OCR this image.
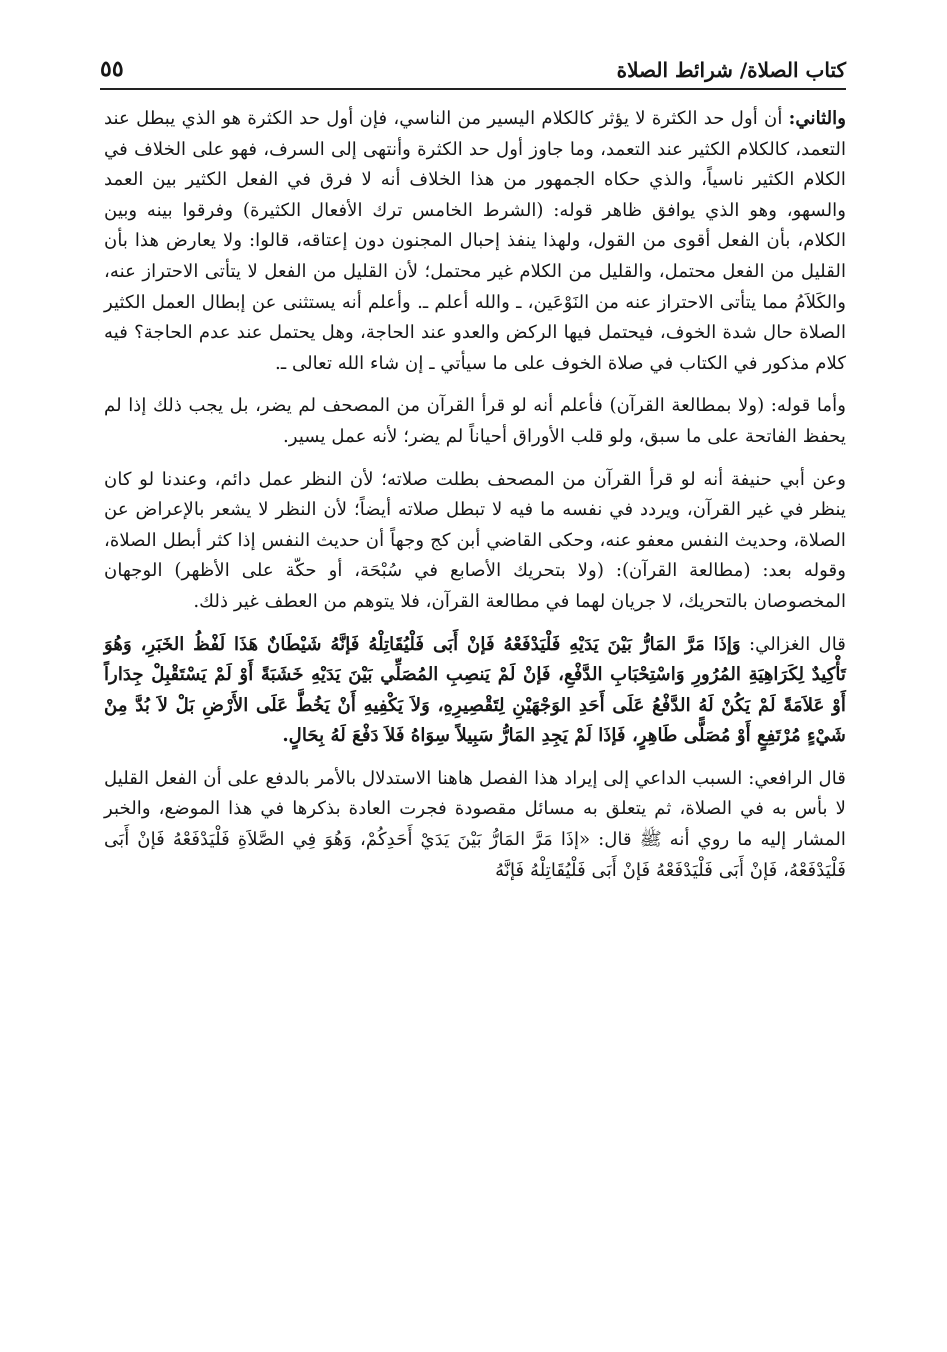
كتاب الصلاة/ شرائط الصلاة
٥٥

والثاني: أن أول حد الكثرة لا يؤثر كالكلام اليسير من الناسي، فإن أول حد الكثرة هو الذي يبطل عند التعمد، كالكلام الكثير عند التعمد، وما جاوز أول حد الكثرة وأنتهى إلى السرف، فهو على الخلاف في الكلام الكثير ناسياً، والذي حكاه الجمهور من هذا الخلاف أنه لا فرق في الفعل الكثير بين العمد والسهو، وهو الذي يوافق ظاهر قوله: (الشرط الخامس ترك الأفعال الكثيرة) وفرقوا بينه وبين الكلام، بأن الفعل أقوى من القول، ولهذا ينفذ إحبال المجنون دون إعتاقه، قالوا: ولا يعارض هذا بأن القليل من الفعل محتمل، والقليل من الكلام غير محتمل؛ لأن القليل من الفعل لا يتأتى الاحتراز عنه، والكَلاَمُ مما يتأتى الاحتراز عنه من النَوْعَين، ـ والله أعلم ـ. وأعلم أنه يستثنى عن إبطال العمل الكثير الصلاة حال شدة الخوف، فيحتمل فيها الركض والعدو عند الحاجة، وهل يحتمل عند عدم الحاجة؟ فيه كلام مذكور في الكتاب في صلاة الخوف على ما سيأتي ـ إن شاء الله تعالى ـ.

وأما قوله: (ولا بمطالعة القرآن) فأعلم أنه لو قرأ القرآن من المصحف لم يضر، بل يجب ذلك إذا لم يحفظ الفاتحة على ما سبق، ولو قلب الأوراق أحياناً لم يضر؛ لأنه عمل يسير.

وعن أبي حنيفة أنه لو قرأ القرآن من المصحف بطلت صلاته؛ لأن النظر عمل دائم، وعندنا لو كان ينظر في غير القرآن، ويردد في نفسه ما فيه لا تبطل صلاته أيضاً؛ لأن النظر لا يشعر بالإعراض عن الصلاة، وحديث النفس معفو عنه، وحكى القاضي أبن كج وجهاً أن حديث النفس إذا كثر أبطل الصلاة، وقوله بعد: (مطالعة القرآن): (ولا بتحريك الأصابع في سُبْحَة، أو حكّة على الأظهر) الوجهان المخصوصان بالتحريك، لا جريان لهما في مطالعة القرآن، فلا يتوهم من العطف غير ذلك.

قال الغزالي: وَإذَا مَرَّ المَارُّ بَيْنَ يَدَيْهِ فَلْيَدْفَعْهُ فَإنْ أَبَى فَلْيُقَاتِلْهُ فَإنَّهُ شَيْطَانٌ هَذَا لَفْظُ الخَبَرِ، وَهُوَ تَأْكِيدٌ لِكَرَاهِيَةِ المُرُورِ وَاسْتِحْبَابِ الدَّفْعِ، فَإنْ لَمْ يَنصِبِ المُصَلِّي بَيْنَ يَدَيْهِ خَشَبَةً أَوْ لَمْ يَسْتَقْبِلْ جِدَاراً أَوْ عَلاَمَةً لَمْ يَكُنْ لَهُ الدَّفْعُ عَلَى أَحَدِ الوَجْهَيْنِ لِتَقْصِيرِهِ، وَلاَ يَكْفِيهِ أَنْ يَخُطَّ عَلَى الأَرْضِ بَلْ لاَ بُدَّ مِنْ شَيْءٍ مُرْتَفِعٍ أَوْ مُصَلًّى طَاهِرٍ، فَإذَا لَمْ يَجِدِ المَارُّ سَبِيلاً سِوَاهُ فَلاَ دَفْعَ لَهُ بِحَالٍ.

قال الرافعي: السبب الداعي إلى إيراد هذا الفصل هاهنا الاستدلال بالأمر بالدفع على أن الفعل القليل لا بأس به في الصلاة، ثم يتعلق به مسائل مقصودة فجرت العادة بذكرها في هذا الموضع، والخبر المشار إليه ما روي أنه ﷺ قال: «إذَا مَرَّ المَارُّ بَيْنَ يَدَيْ أَحَدِكُمْ، وَهُوَ فِي الصَّلاَةِ فَلْيَدْفَعْهُ فَإنْ أَبَى فَلْيَدْفَعْهُ، فَإنْ أَبَى فَلْيَدْفَعْهُ فَإنْ أَبَى فَلْيُقَاتِلْهُ فَإنَّهُ
